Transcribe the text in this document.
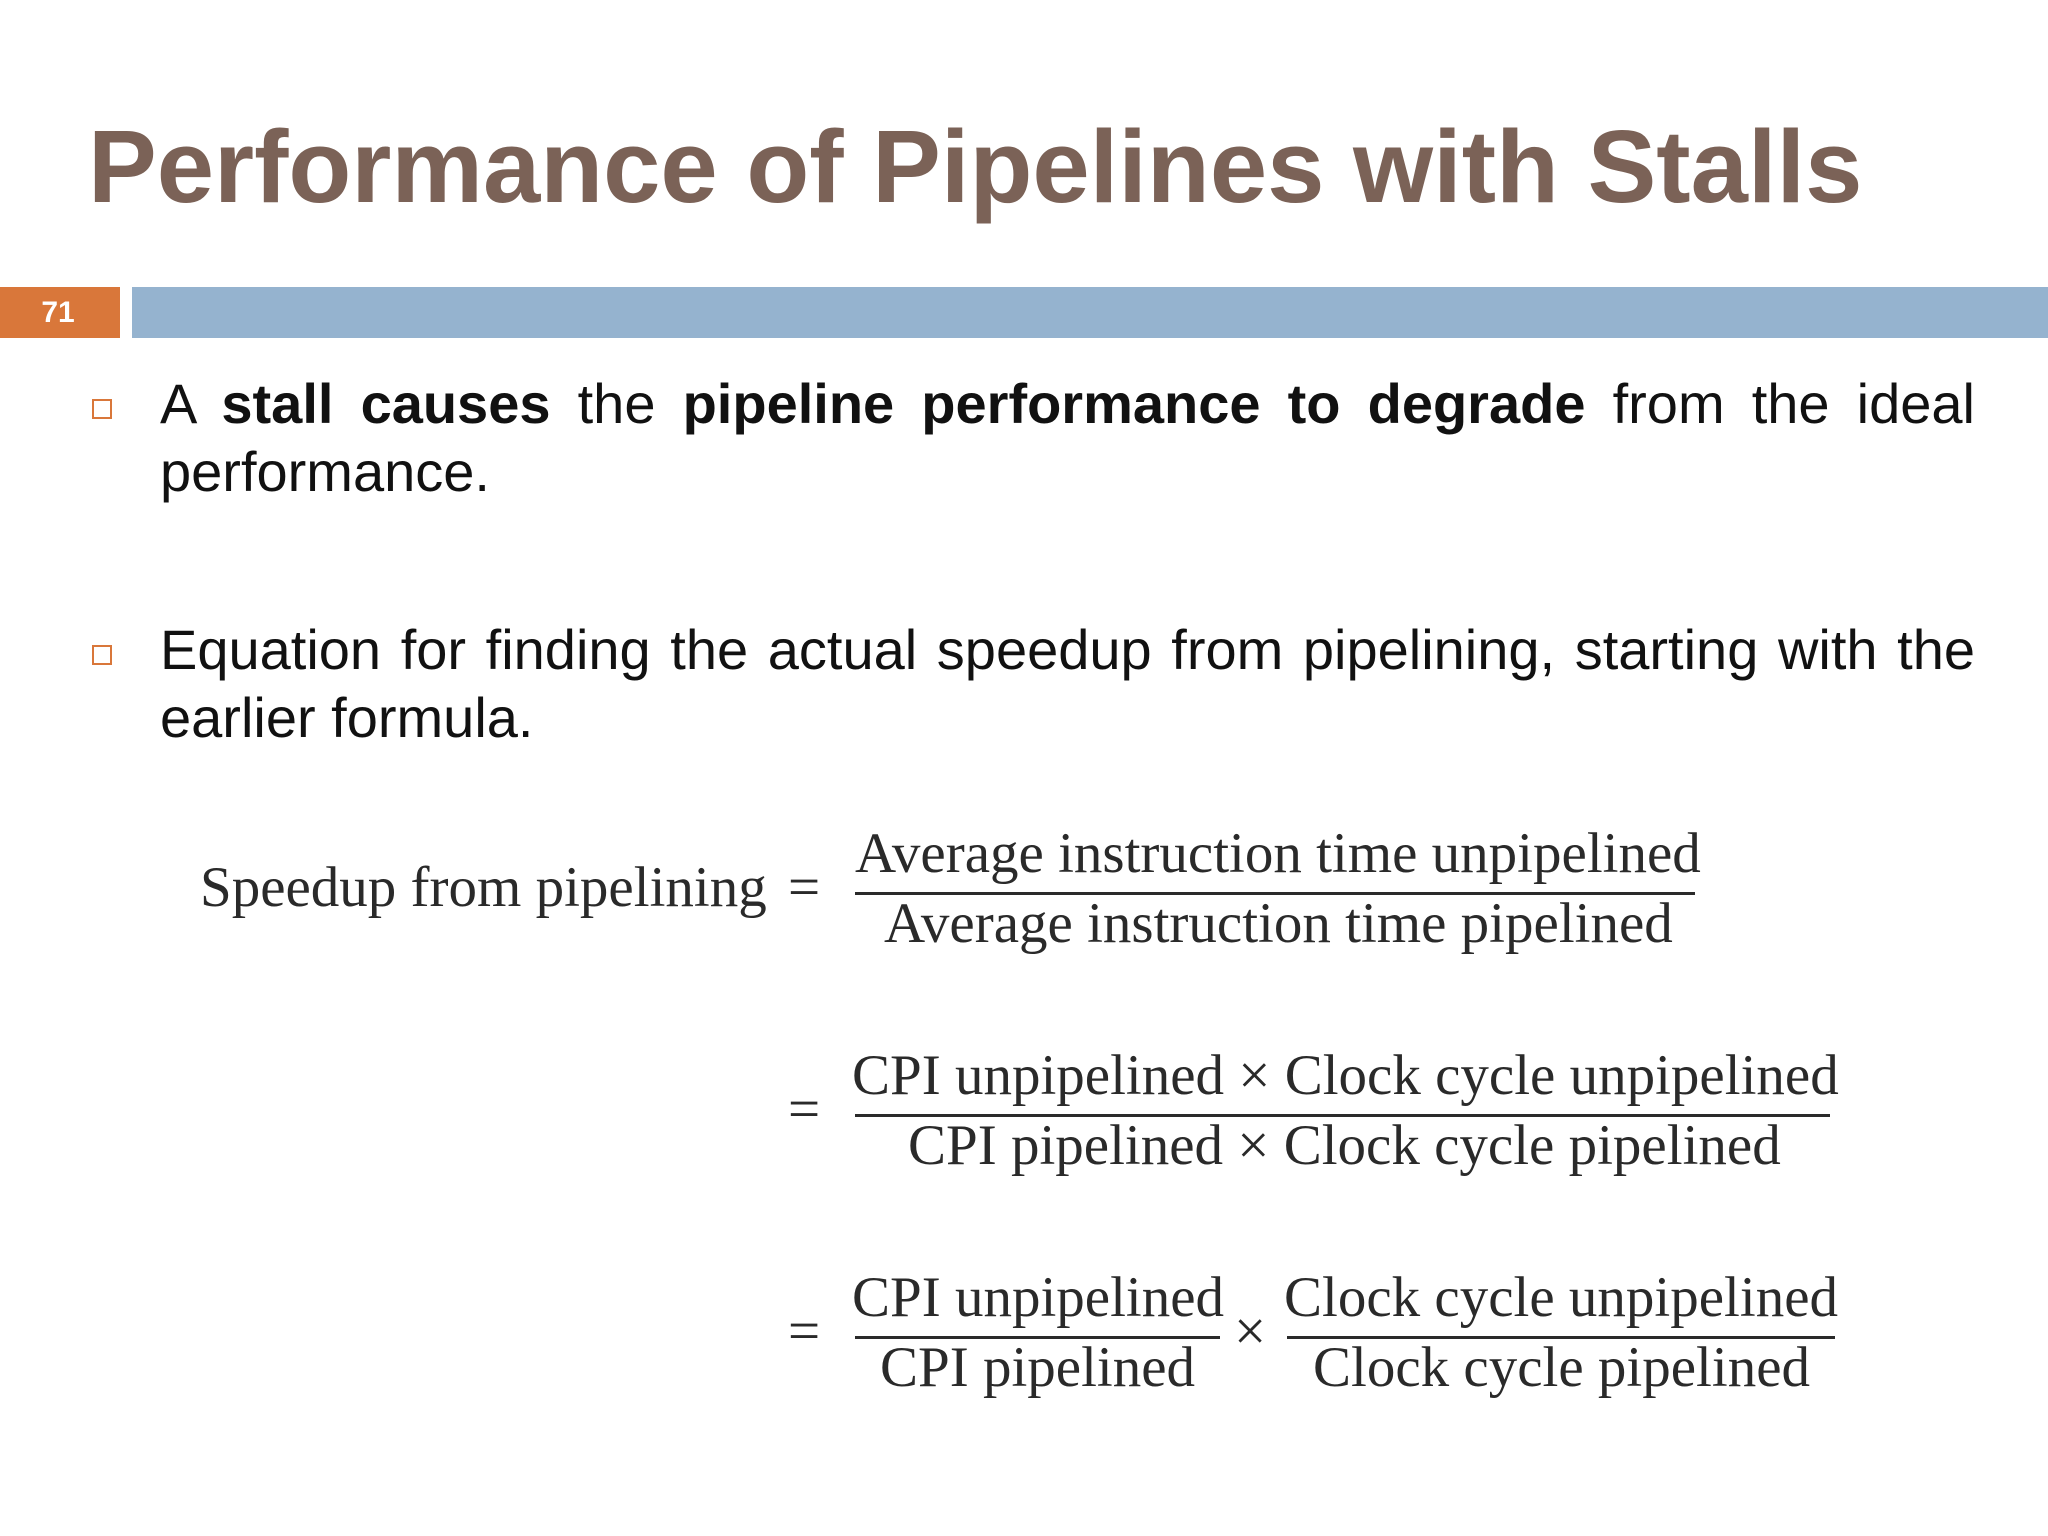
Performance of Pipelines with Stalls
71

A stall causes the pipeline performance to degrade from the ideal performance.

Equation for finding the actual speedup from pipelining, starting with the earlier formula.

Speedup from pipelining =
Average instruction time unpipelined
Average instruction time pipelined
=
CPI unpipelined × Clock cycle unpipelined
CPI pipelined × Clock cycle pipelined
=
CPI unpipelined
CPI pipelined
×
Clock cycle unpipelined
Clock cycle pipelined
